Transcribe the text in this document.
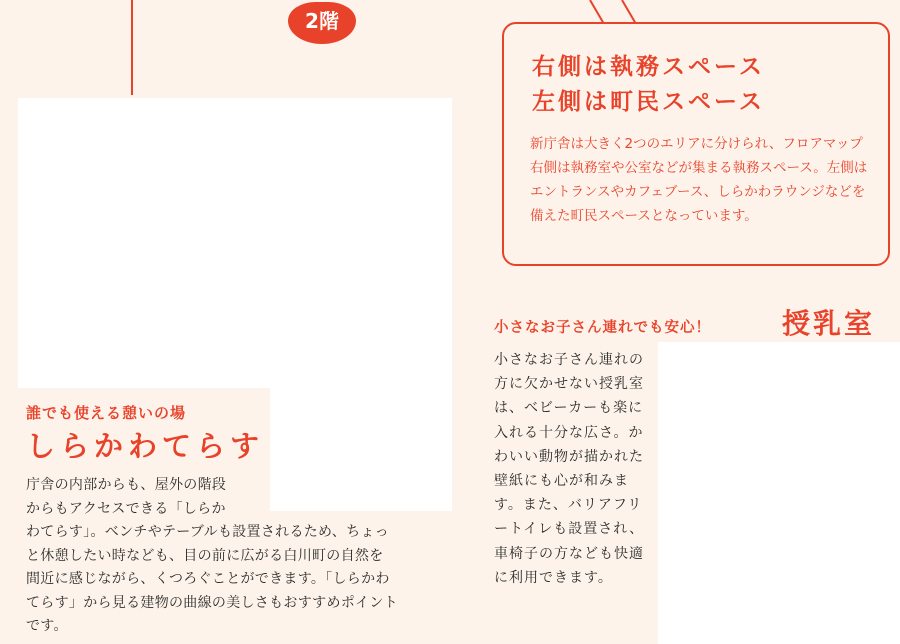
2階
右側は執務スペース
左側は町民スペース

新庁舎は大きく2つのエリアに分けられ、フロアマップ右側は執務室や公室などが集まる執務スペース。左側はエントランスやカフェブース、しらかわラウンジなどを備えた町民スペースとなっています。

小さなお子さん連れでも安心！	授乳室

小さなお子さん連れの方に欠かせない授乳室は、ベビーカーも楽に入れる十分な広さ。かわいい動物が描かれた壁紙にも心が和みます。また、バリアフリートイレも設置され、車椅子の方なども快適に利用できます。

誰でも使える憩いの場
しらかわてらす

庁舎の内部からも、屋外の階段
からもアクセスできる「しらか
わてらす」。ベンチやテーブルも設置されるため、ちょっ
と休憩したい時なども、目の前に広がる白川町の自然を
間近に感じながら、くつろぐことができます。「しらかわ
てらす」から見る建物の曲線の美しさもおすすめポイント
です。
